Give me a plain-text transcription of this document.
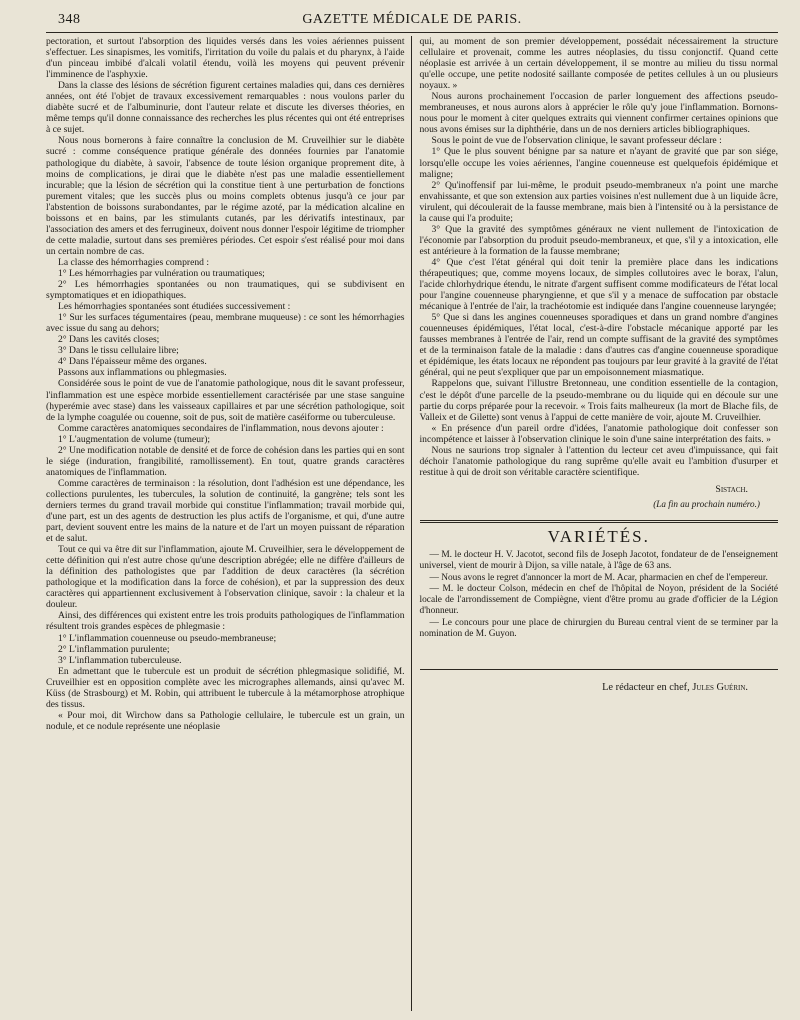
348	GAZETTE MÉDICALE DE PARIS.

pectoration, et surtout l'absorption des liquides versés dans les voies aériennes puissent s'effectuer. Les sinapismes, les vomitifs, l'irritation du voile du palais et du pharynx, à l'aide d'un pinceau imbibé d'alcali volatil étendu, voilà les moyens qui peuvent prévenir l'imminence de l'asphyxie.

Dans la classe des lésions de sécrétion figurent certaines maladies qui, dans ces dernières années, ont été l'objet de travaux excessivement remarquables : nous voulons parler du diabète sucré et de l'albuminurie, dont l'auteur relate et discute les diverses théories, en même temps qu'il donne connaissance des recherches les plus récentes qui ont été entreprises à ce sujet.

Nous nous bornerons à faire connaître la conclusion de M. Cruveilhier sur le diabète sucré : comme conséquence pratique générale des données fournies par l'anatomie pathologique du diabète, à savoir, l'absence de toute lésion organique proprement dite, à moins de complications, je dirai que le diabète n'est pas une maladie essentiellement incurable; que la lésion de sécrétion qui la constitue tient à une perturbation de fonctions purement vitales; que les succès plus ou moins complets obtenus jusqu'à ce jour par l'abstention de boissons surabondantes, par le régime azoté, par la médication alcaline en boissons et en bains, par les stimulants cutanés, par les dérivatifs intestinaux, par l'association des amers et des ferrugineux, doivent nous donner l'espoir légitime de triompher de cette maladie, surtout dans ses premières périodes. Cet espoir s'est réalisé pour moi dans un certain nombre de cas.

La classe des hémorrhagies comprend :

1° Les hémorrhagies par vulnération ou traumatiques;

2° Les hémorrhagies spontanées ou non traumatiques, qui se subdivisent en symptomatiques et en idiopathiques.

Les hémorrhagies spontanées sont étudiées successivement :

1° Sur les surfaces tégumentaires (peau, membrane muqueuse) : ce sont les hémorrhagies avec issue du sang au dehors;

2° Dans les cavités closes;

3° Dans le tissu cellulaire libre;

4° Dans l'épaisseur même des organes.

Passons aux inflammations ou phlegmasies.

Considérée sous le point de vue de l'anatomie pathologique, nous dit le savant professeur, l'inflammation est une espèce morbide essentiellement caractérisée par une stase sanguine (hyperémie avec stase) dans les vaisseaux capillaires et par une sécrétion pathologique, soit de la lymphe coagulée ou couenne, soit de pus, soit de matière caséiforme ou tuberculeuse.

Comme caractères anatomiques secondaires de l'inflammation, nous devons ajouter :

1° L'augmentation de volume (tumeur);

2° Une modification notable de densité et de force de cohésion dans les parties qui en sont le siége (induration, frangibilité, ramollissement). En tout, quatre grands caractères anatomiques de l'inflammation.

Comme caractères de terminaison : la résolution, dont l'adhésion est une dépendance, les collections purulentes, les tubercules, la solution de continuité, la gangrène; tels sont les derniers termes du grand travail morbide qui constitue l'inflammation; travail morbide qui, d'une part, est un des agents de destruction les plus actifs de l'organisme, et qui, d'une autre part, devient souvent entre les mains de la nature et de l'art un moyen puissant de réparation et de salut.

Tout ce qui va être dit sur l'inflammation, ajoute M. Cruveilhier, sera le développement de cette définition qui n'est autre chose qu'une description abrégée; elle ne diffère d'ailleurs de la définition des pathologistes que par l'addition de deux caractères (la sécrétion pathologique et la modification dans la force de cohésion), et par la suppression des deux caractères qui appartiennent exclusivement à l'observation clinique, savoir : la chaleur et la douleur.

Ainsi, des différences qui existent entre les trois produits pathologiques de l'inflammation résultent trois grandes espèces de phlegmasie :

1° L'inflammation couenneuse ou pseudo-membraneuse;

2° L'inflammation purulente;

3° L'inflammation tuberculeuse.

En admettant que le tubercule est un produit de sécrétion phlegmasique solidifié, M. Cruveilhier est en opposition complète avec les micrographes allemands, ainsi qu'avec M. Küss (de Strasbourg) et M. Robin, qui attribuent le tubercule à la métamorphose atrophique des tissus.

« Pour moi, dit Wirchow dans sa Pathologie cellulaire, le tubercule est un grain, un nodule, et ce nodule représente une néoplasie

qui, au moment de son premier développement, possédait nécessairement la structure cellulaire et provenait, comme les autres néoplasies, du tissu conjonctif. Quand cette néoplasie est arrivée à un certain développement, il se montre au milieu du tissu normal qu'elle occupe, une petite nodosité saillante composée de petites cellules à un ou plusieurs noyaux. »

Nous aurons prochainement l'occasion de parler longuement des affections pseudo-membraneuses, et nous aurons alors à apprécier le rôle qu'y joue l'inflammation. Bornons-nous pour le moment à citer quelques extraits qui viennent confirmer certaines opinions que nous avons émises sur la diphthérie, dans un de nos derniers articles bibliographiques.

Sous le point de vue de l'observation clinique, le savant professeur déclare :

1° Que le plus souvent bénigne par sa nature et n'ayant de gravité que par son siége, lorsqu'elle occupe les voies aériennes, l'angine couenneuse est quelquefois épidémique et maligne;

2° Qu'inoffensif par lui-même, le produit pseudo-membraneux n'a point une marche envahissante, et que son extension aux parties voisines n'est nullement due à un liquide âcre, virulent, qui découlerait de la fausse membrane, mais bien à l'intensité ou à la persistance de la cause qui l'a produite;

3° Que la gravité des symptômes généraux ne vient nullement de l'intoxication de l'économie par l'absorption du produit pseudo-membraneux, et que, s'il y a intoxication, elle est antérieure à la formation de la fausse membrane;

4° Que c'est l'état général qui doit tenir la première place dans les indications thérapeutiques; que, comme moyens locaux, de simples collutoires avec le borax, l'alun, l'acide chlorhydrique étendu, le nitrate d'argent suffisent comme modificateurs de l'état local pour l'angine couenneuse pharyngienne, et que s'il y a menace de suffocation par obstacle mécanique à l'entrée de l'air, la trachéotomie est indiquée dans l'angine couenneuse laryngée;

5° Que si dans les angines couenneuses sporadiques et dans un grand nombre d'angines couenneuses épidémiques, l'état local, c'est-à-dire l'obstacle mécanique apporté par les fausses membranes à l'entrée de l'air, rend un compte suffisant de la gravité des symptômes et de la terminaison fatale de la maladie : dans d'autres cas d'angine couenneuse sporadique et épidémique, les états locaux ne répondent pas toujours par leur gravité à la gravité de l'état général, qui ne peut s'expliquer que par un empoisonnement miasmatique.

Rappelons que, suivant l'illustre Bretonneau, une condition essentielle de la contagion, c'est le dépôt d'une parcelle de la pseudo-membrane ou du liquide qui en découle sur une partie du corps préparée pour la recevoir. « Trois faits malheureux (la mort de Blache fils, de Valleix et de Gilette) sont venus à l'appui de cette manière de voir, ajoute M. Cruveilhier.

« En présence d'un pareil ordre d'idées, l'anatomie pathologique doit confesser son incompétence et laisser à l'observation clinique le soin d'une saine interprétation des faits. »

Nous ne saurions trop signaler à l'attention du lecteur cet aveu d'impuissance, qui fait déchoir l'anatomie pathologique du rang suprême qu'elle avait eu l'ambition d'usurper et restitue à qui de droit son véritable caractère scientifique.

Sistach.
(La fin au prochain numéro.)
VARIÉTÉS.

— M. le docteur H. V. Jacotot, second fils de Joseph Jacotot, fondateur de de l'enseignement universel, vient de mourir à Dijon, sa ville natale, à l'âge de 63 ans.

— Nous avons le regret d'annoncer la mort de M. Acar, pharmacien en chef de l'empereur.

— M. le docteur Colson, médecin en chef de l'hôpital de Noyon, président de la Société locale de l'arrondissement de Compiègne, vient d'être promu au grade d'officier de la Légion d'honneur.

— Le concours pour une place de chirurgien du Bureau central vient de se terminer par la nomination de M. Guyon.

Le rédacteur en chef, Jules Guérin.
